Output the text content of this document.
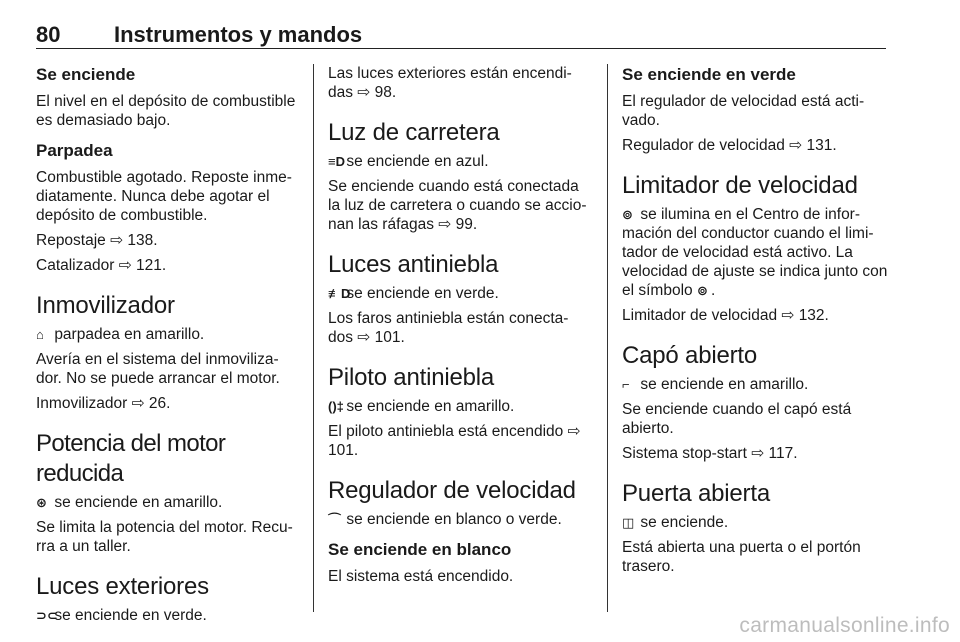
80 Instrumentos y mandos
Se enciende
El nivel en el depósito de combustible es demasiado bajo.
Parpadea
Combustible agotado. Reposte inme-diatamente. Nunca debe agotar el depósito de combustible.
Repostaje ⇨ 138.
Catalizador ⇨ 121.
Inmovilizador
⌂ parpadea en amarillo.
Avería en el sistema del inmoviliza-dor. No se puede arrancar el motor.
Inmovilizador ⇨ 26.
Potencia del motor reducida
⊛ se enciende en amarillo.
Se limita la potencia del motor. Recu-rra a un taller.
Luces exteriores
⊃⊂ se enciende en verde.
Las luces exteriores están encendi-das ⇨ 98.
Luz de carretera
≡D se enciende en azul.
Se enciende cuando está conectada la luz de carretera o cuando se accio-nan las ráfagas ⇨ 99.
Luces antiniebla
≢D se enciende en verde.
Los faros antiniebla están conecta-dos ⇨ 101.
Piloto antiniebla
()‡ se enciende en amarillo.
El piloto antiniebla está encendido ⇨ 101.
Regulador de velocidad
⌒ se enciende en blanco o verde.
Se enciende en blanco
El sistema está encendido.
Se enciende en verde
El regulador de velocidad está acti-vado.
Regulador de velocidad ⇨ 131.
Limitador de velocidad
⊚ se ilumina en el Centro de infor-mación del conductor cuando el limi-tador de velocidad está activo. La velocidad de ajuste se indica junto con el símbolo ⊚ .
Limitador de velocidad ⇨ 132.
Capó abierto
⌐ se enciende en amarillo.
Se enciende cuando el capó está abierto.
Sistema stop-start ⇨ 117.
Puerta abierta
◫ se enciende.
Está abierta una puerta o el portón trasero.
carmanualsonline.info
